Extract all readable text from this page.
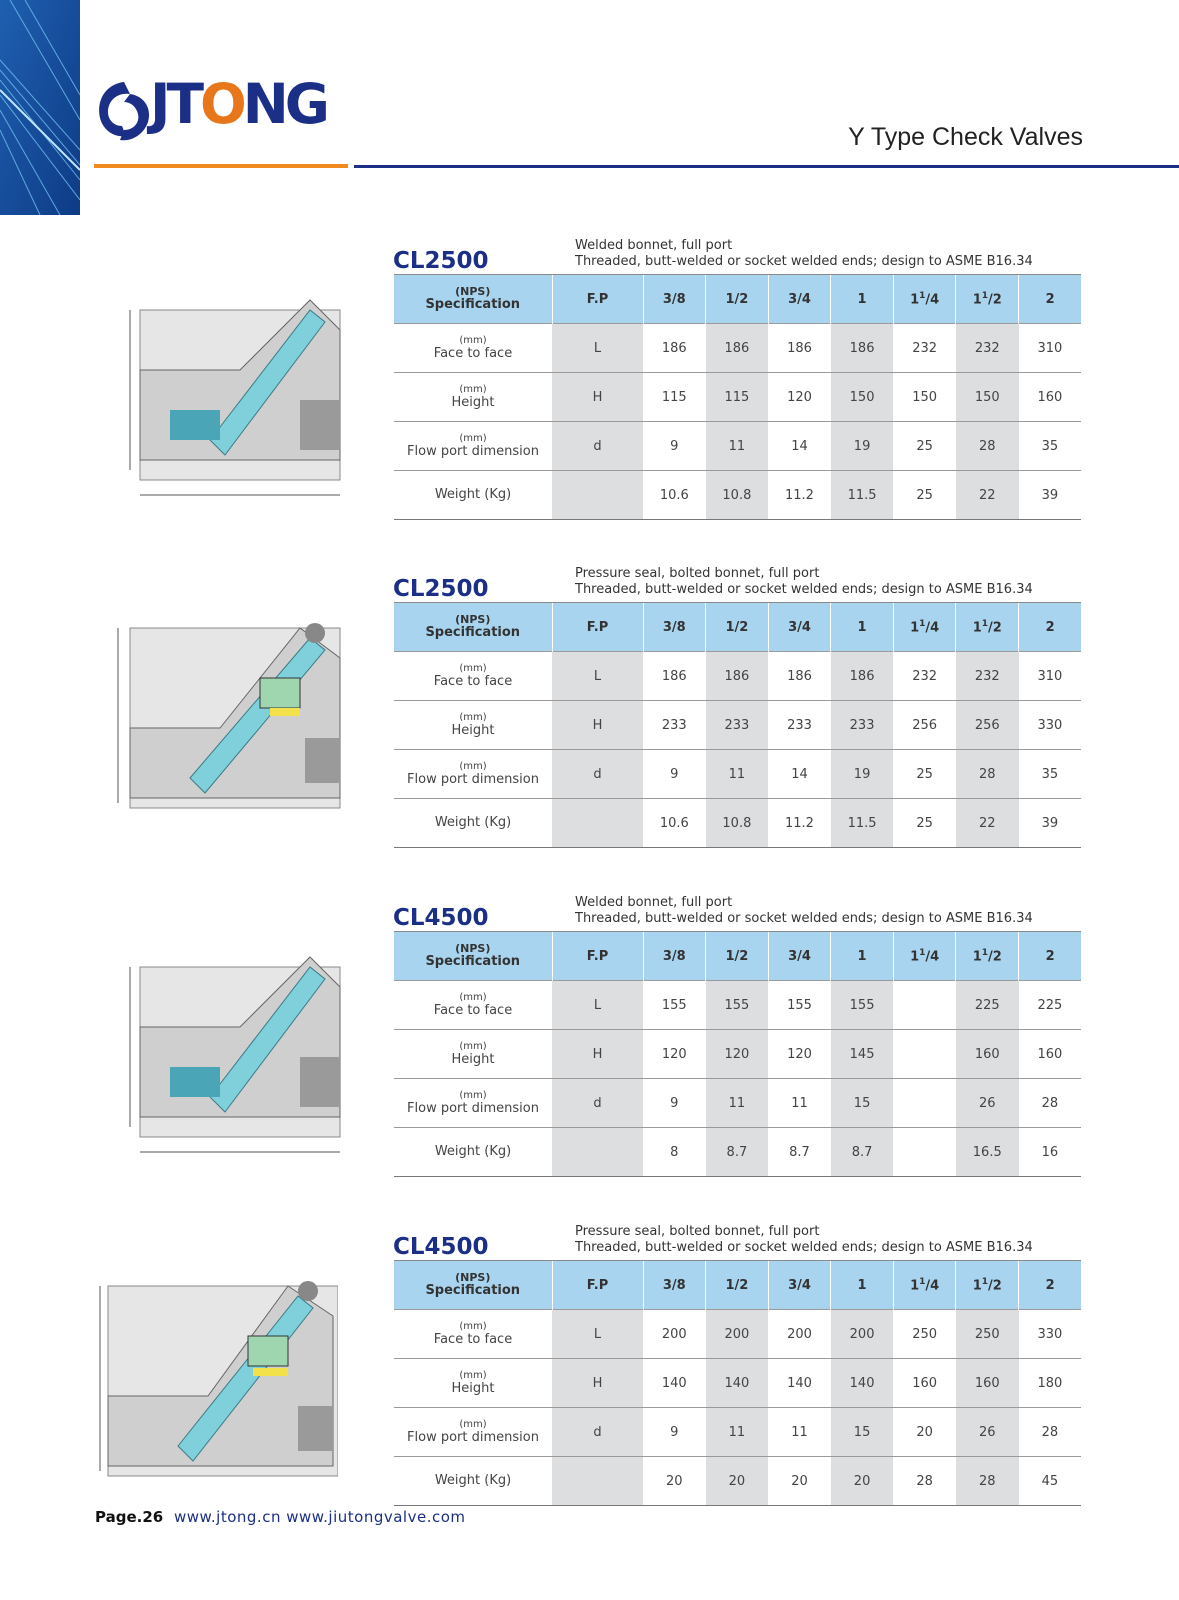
JTONG
Y Type Check Valves
CL2500
Welded bonnet, full port
Threaded, butt-welded or socket welded ends; design to ASME B16.34
(NPS)
Specification	F.P	3/8	1/2	3/4	1	$1^1/4$	$1^1/2$	2

(mm)
Face to face	L	186	186	186	186	232	232	310

(mm)
Height	H	115	115	120	150	150	150	160

(mm)
Flow port dimension	d	9	11	14	19	25	28	35
Weight (Kg)		10.6	10.8	11.2	11.5	25	22	39
CL2500
Pressure seal, bolted bonnet, full port
Threaded, butt-welded or socket welded ends; design to ASME B16.34
(NPS)
Specification	F.P	3/8	1/2	3/4	1	$1^1/4$	$1^1/2$	2

(mm)
Face to face	L	186	186	186	186	232	232	310

(mm)
Height	H	233	233	233	233	256	256	330

(mm)
Flow port dimension	d	9	11	14	19	25	28	35
Weight (Kg)		10.6	10.8	11.2	11.5	25	22	39
CL4500
Welded bonnet, full port
Threaded, butt-welded or socket welded ends; design to ASME B16.34
(NPS)
Specification	F.P	3/8	1/2	3/4	1	$1^1/4$	$1^1/2$	2

(mm)
Face to face	L	155	155	155	155		225	225

(mm)
Height	H	120	120	120	145		160	160

(mm)
Flow port dimension	d	9	11	11	15		26	28
Weight (Kg)		8	8.7	8.7	8.7		16.5	16
CL4500
Pressure seal, bolted bonnet, full port
Threaded, butt-welded or socket welded ends; design to ASME B16.34
(NPS)
Specification	F.P	3/8	1/2	3/4	1	$1^1/4$	$1^1/2$	2

(mm)
Face to face	L	200	200	200	200	250	250	330

(mm)
Height	H	140	140	140	140	160	160	180

(mm)
Flow port dimension	d	9	11	11	15	20	26	28
Weight (Kg)		20	20	20	20	28	28	45
Page.26 www.jtong.cn www.jiutongvalve.com
